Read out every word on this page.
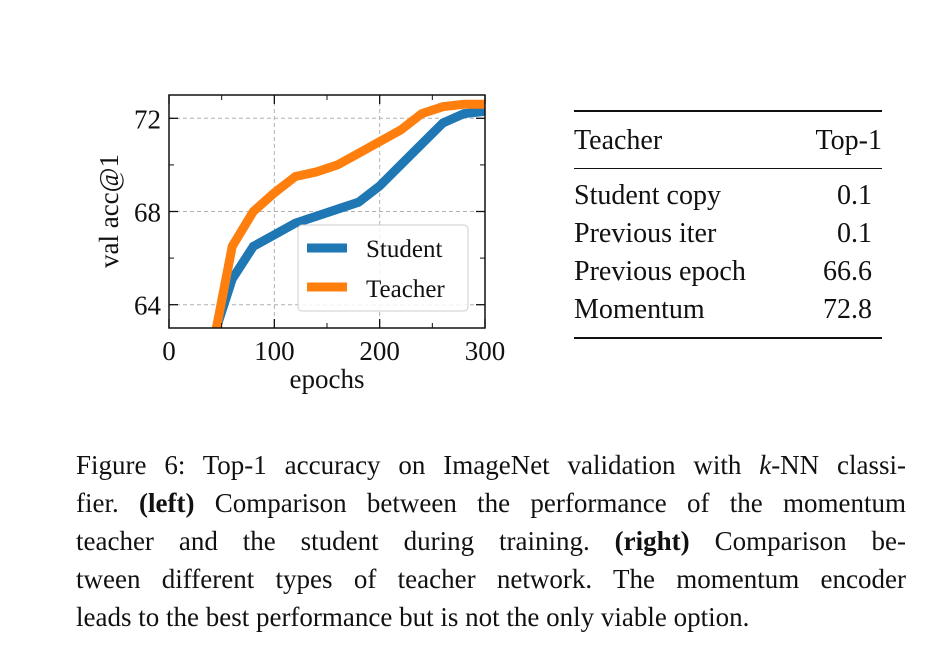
0	100 200 300
64
68
72
epochs
val acc@1	Student
Teacher
Teacher	Top-1
Student copy	0.1
Previous iter	0.1
Previous epoch	66.6
Momentum	72.8
Figure 6: Top-1 accuracy on ImageNet validation with k-NN classi-
fier. (left) Comparison between the performance of the momentum
teacher and the student during training. (right) Comparison be-
tween different types of teacher network. The momentum encoder
leads to the best performance but is not the only viable option.
